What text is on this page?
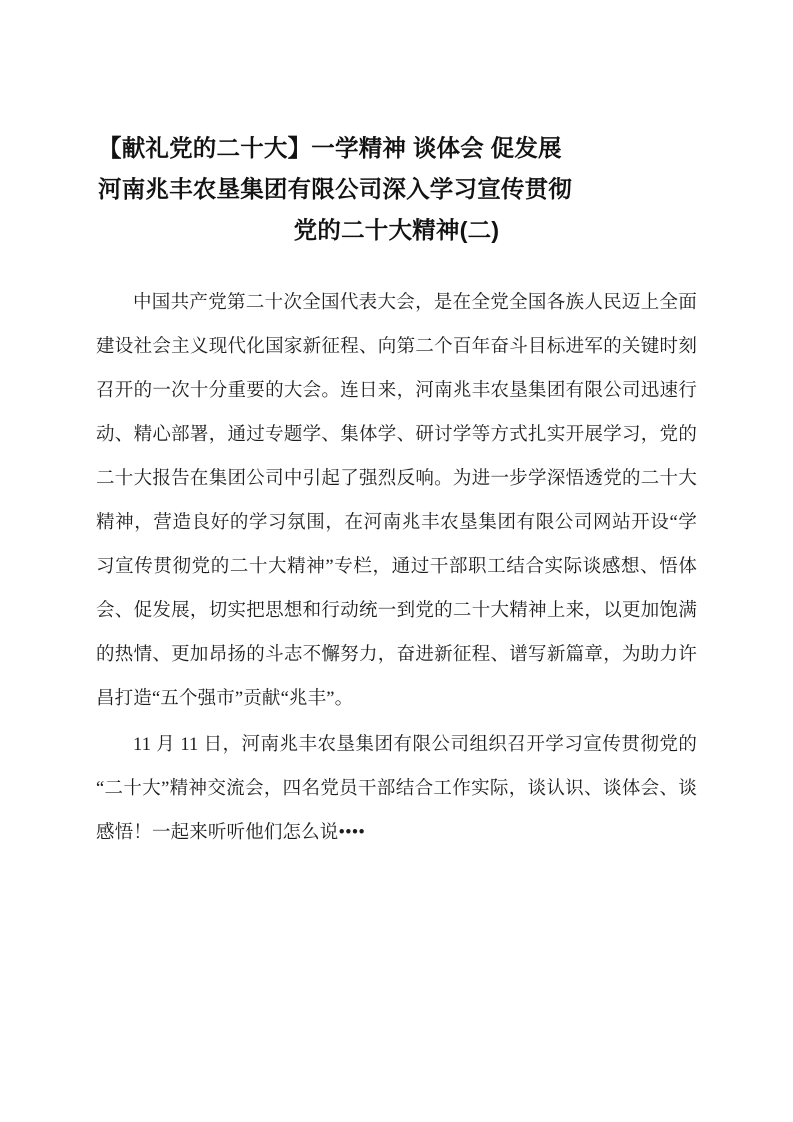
【献礼党的二十大】一学精神 谈体会 促发展
河南兆丰农垦集团有限公司深入学习宣传贯彻
党的二十大精神(二)

中国共产党第二十次全国代表大会，是在全党全国各族人民迈上全面建设社会主义现代化国家新征程、向第二个百年奋斗目标进军的关键时刻召开的一次十分重要的大会。连日来，河南兆丰农垦集团有限公司迅速行动、精心部署，通过专题学、集体学、研讨学等方式扎实开展学习，党的二十大报告在集团公司中引起了强烈反响。为进一步学深悟透党的二十大精神，营造良好的学习氛围，在河南兆丰农垦集团有限公司网站开设“学习宣传贯彻党的二十大精神”专栏，通过干部职工结合实际谈感想、悟体会、促发展，切实把思想和行动统一到党的二十大精神上来，以更加饱满的热情、更加昂扬的斗志不懈努力，奋进新征程、谱写新篇章，为助力许昌打造“五个强市”贡献“兆丰”。

11 月 11 日，河南兆丰农垦集团有限公司组织召开学习宣传贯彻党的“二十大”精神交流会，四名党员干部结合工作实际，谈认识、谈体会、谈感悟！一起来听听他们怎么说••••
